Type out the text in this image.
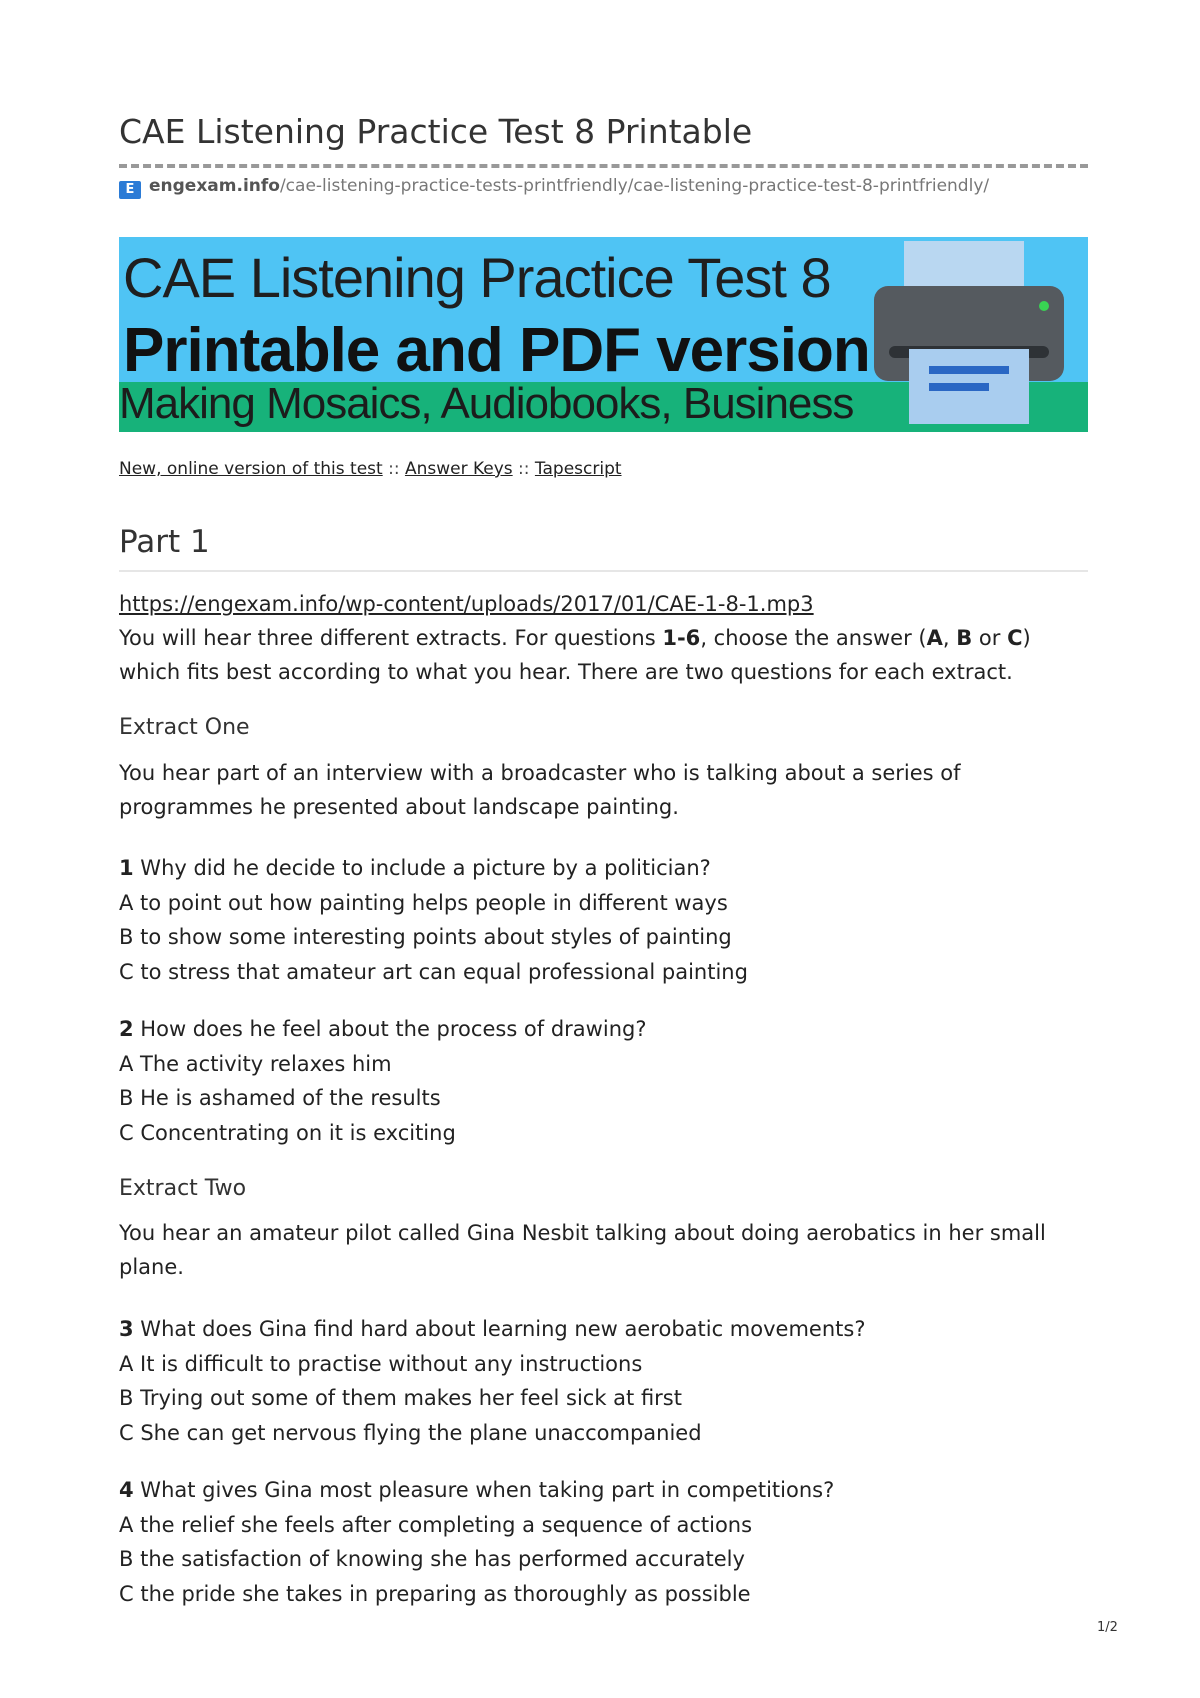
CAE Listening Practice Test 8 Printable
E engexam.info/cae-listening-practice-tests-printfriendly/cae-listening-practice-test-8-printfriendly/
CAE Listening Practice Test 8
Printable and PDF version
Making Mosaics, Audiobooks, Business
New, online version of this test :: Answer Keys :: Tapescript
Part 1
https://engexam.info/wp-content/uploads/2017/01/CAE-1-8-1.mp3
You will hear three different extracts. For questions 1-6, choose the answer (A, B or C) which fits best according to what you hear. There are two questions for each extract.
Extract One
You hear part of an interview with a broadcaster who is talking about a series of programmes he presented about landscape painting.
1 Why did he decide to include a picture by a politician?
A to point out how painting helps people in different ways
B to show some interesting points about styles of painting
C to stress that amateur art can equal professional painting
2 How does he feel about the process of drawing?
A The activity relaxes him
B He is ashamed of the results
C Concentrating on it is exciting
Extract Two
You hear an amateur pilot called Gina Nesbit talking about doing aerobatics in her small plane.
3 What does Gina find hard about learning new aerobatic movements?
A It is difficult to practise without any instructions
B Trying out some of them makes her feel sick at first
C She can get nervous flying the plane unaccompanied
4 What gives Gina most pleasure when taking part in competitions?
A the relief she feels after completing a sequence of actions
B the satisfaction of knowing she has performed accurately
C the pride she takes in preparing as thoroughly as possible
1/2
